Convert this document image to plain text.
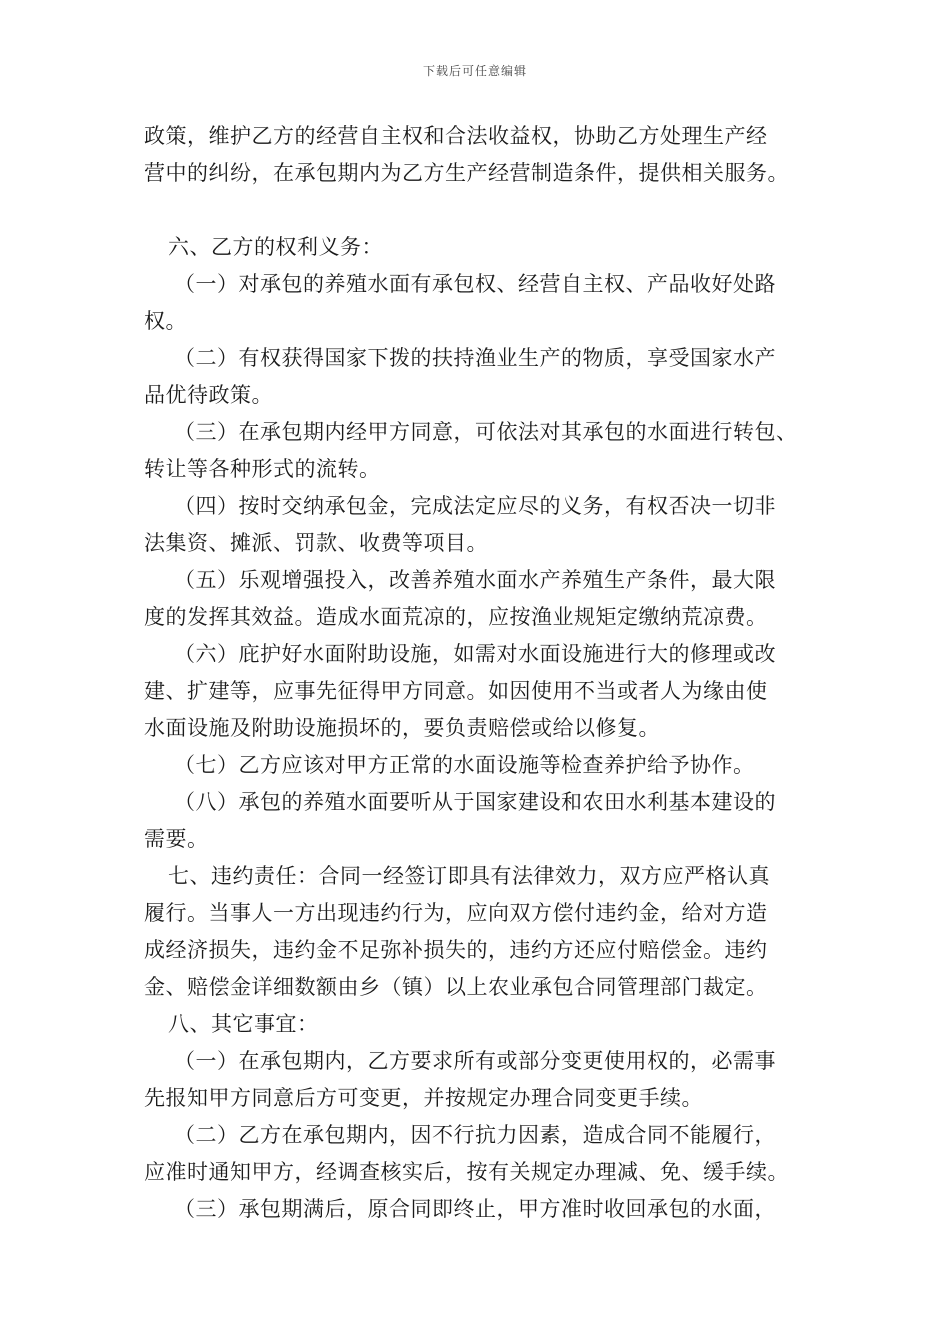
下载后可任意编辑
政策，维护乙方的经营自主权和合法收益权，协助乙方处理生产经
营中的纠纷，在承包期内为乙方生产经营制造条件，提供相关服务。
六、乙方的权利义务：
（一）对承包的养殖水面有承包权、经营自主权、产品收好处路
权。
（二）有权获得国家下拨的扶持渔业生产的物质，享受国家水产
品优待政策。
（三）在承包期内经甲方同意，可依法对其承包的水面进行转包、
转让等各种形式的流转。
（四）按时交纳承包金，完成法定应尽的义务，有权否决一切非
法集资、摊派、罚款、收费等项目。
（五）乐观增强投入，改善养殖水面水产养殖生产条件，最大限
度的发挥其效益。造成水面荒凉的，应按渔业规矩定缴纳荒凉费。
（六）庇护好水面附助设施，如需对水面设施进行大的修理或改
建、扩建等，应事先征得甲方同意。如因使用不当或者人为缘由使
水面设施及附助设施损坏的，要负责赔偿或给以修复。
（七）乙方应该对甲方正常的水面设施等检查养护给予协作。
（八）承包的养殖水面要听从于国家建设和农田水利基本建设的
需要。
七、违约责任：合同一经签订即具有法律效力，双方应严格认真
履行。当事人一方出现违约行为，应向双方偿付违约金，给对方造
成经济损失，违约金不足弥补损失的，违约方还应付赔偿金。违约
金、赔偿金详细数额由乡（镇）以上农业承包合同管理部门裁定。
八、其它事宜：
（一）在承包期内，乙方要求所有或部分变更使用权的，必需事
先报知甲方同意后方可变更，并按规定办理合同变更手续。
（二）乙方在承包期内，因不行抗力因素，造成合同不能履行，
应准时通知甲方，经调查核实后，按有关规定办理减、免、缓手续。
（三）承包期满后，原合同即终止，甲方准时收回承包的水面，
